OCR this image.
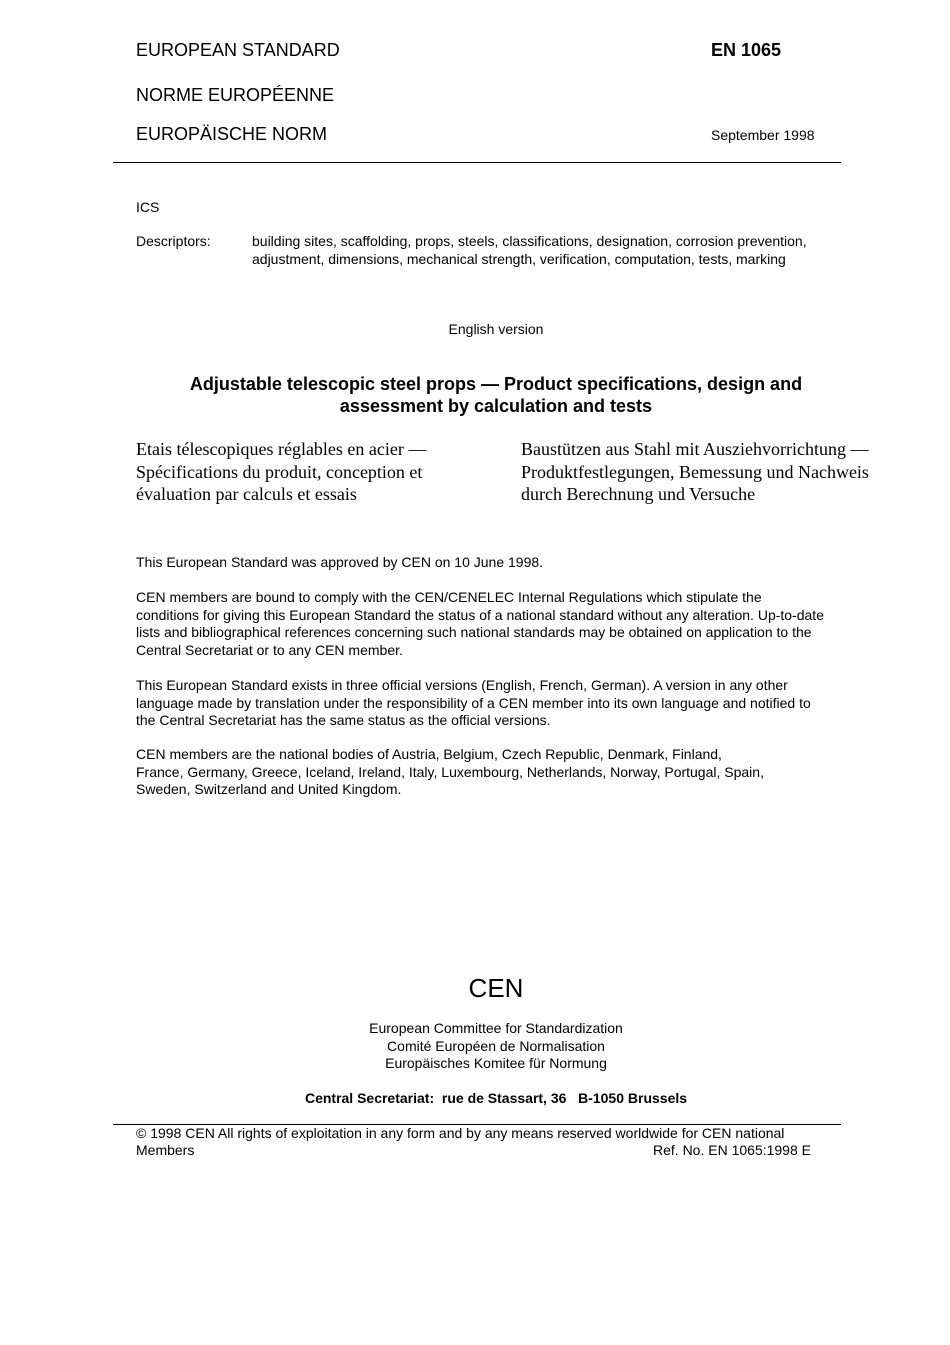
EUROPEAN STANDARD	EN 1065
NORME EUROPÉENNE
EUROPÄISCHE NORM	September 1998
ICS
Descriptors:	building sites, scaffolding, props, steels, classifications, designation, corrosion prevention,
adjustment, dimensions, mechanical strength, verification, computation, tests, marking
English version
Adjustable telescopic steel props — Product specifications, design and
assessment by calculation and tests
Etais télescopiques réglables en acier —
Spécifications du produit, conception et
évaluation par calculs et essais
Baustützen aus Stahl mit Ausziehvorrichtung —
Produktfestlegungen, Bemessung und Nachweis
durch Berechnung und Versuche
This European Standard was approved by CEN on 10 June 1998.
CEN members are bound to comply with the CEN/CENELEC Internal Regulations which stipulate the
conditions for giving this European Standard the status of a national standard without any alteration. Up-to-date
lists and bibliographical references concerning such national standards may be obtained on application to the
Central Secretariat or to any CEN member.
This European Standard exists in three official versions (English, French, German). A version in any other
language made by translation under the responsibility of a CEN member into its own language and notified to
the Central Secretariat has the same status as the official versions.
CEN members are the national bodies of Austria, Belgium, Czech Republic, Denmark, Finland,
France, Germany, Greece, Iceland, Ireland, Italy, Luxembourg, Netherlands, Norway, Portugal, Spain,
Sweden, Switzerland and United Kingdom.
CEN
European Committee for Standardization
Comité Européen de Normalisation
Europäisches Komitee für Normung
Central Secretariat:  rue de Stassart, 36   B-1050 Brussels
© 1998 CEN All rights of exploitation in any form and by any means reserved worldwide for CEN national
Members	Ref. No. EN 1065:1998 E
